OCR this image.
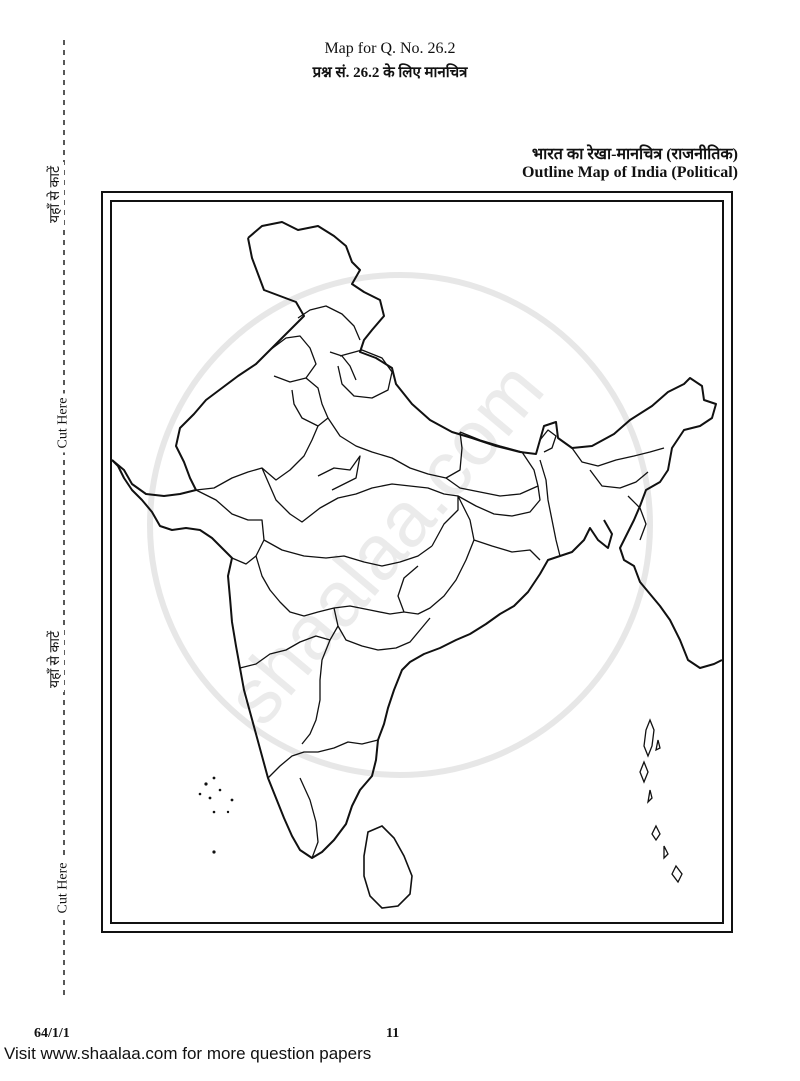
यहाँ से काटें
Cut Here
यहाँ से काटें
Cut Here
Map for Q. No. 26.2
प्रश्न सं. 26.2 के लिए मानचित्र
भारत का रेखा-मानचित्र (राजनीतिक)
Outline Map of India (Political)
shaalaa.com
64/1/1	11
Visit www.shaalaa.com for more question papers
